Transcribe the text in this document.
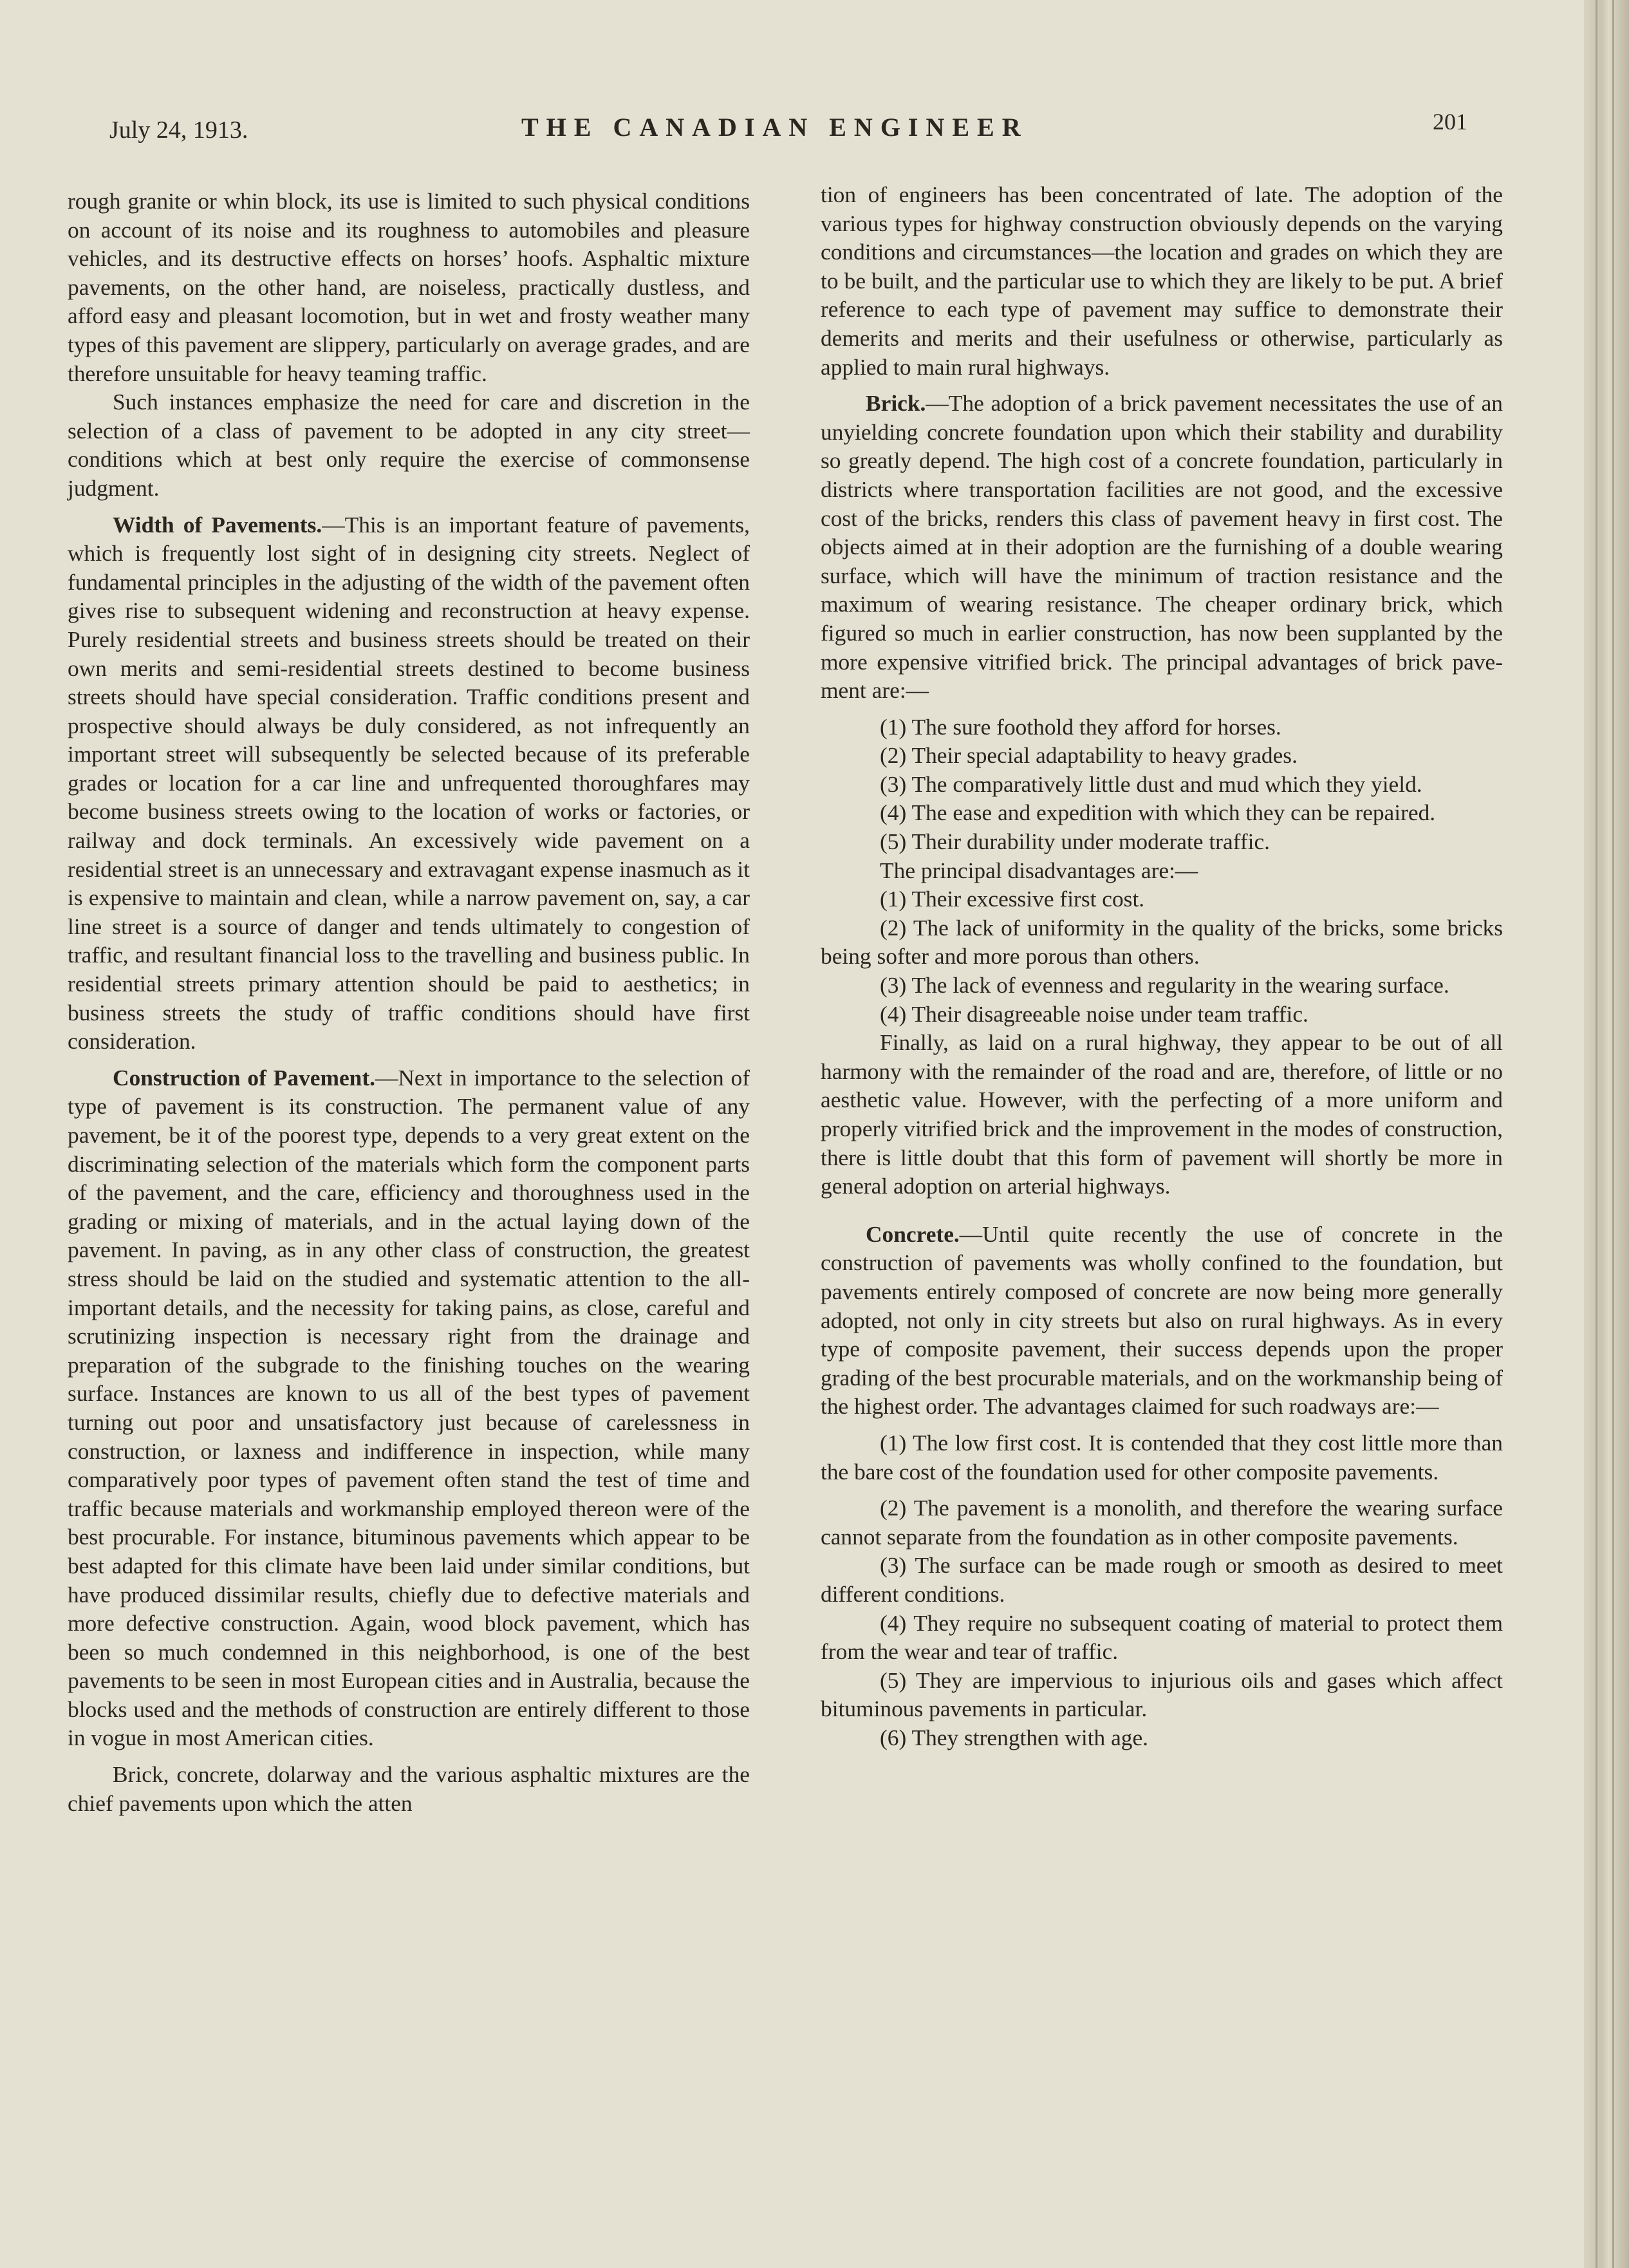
July 24, 1913.	THE CANADIAN ENGINEER	201

rough granite or whin block, its use is limited to such physical conditions on account of its noise and its roughness to automobiles and pleasure vehicles, and its destructive effects on horses’ hoofs. Asphaltic mixture pavements, on the other hand, are noiseless, practically dustless, and afford easy and pleasant locomotion, but in wet and frosty weather many types of this pavement are slippery, particularly on average grades, and are therefore unsuitable for heavy teaming traffic.

Such instances emphasize the need for care and discretion in the selection of a class of pavement to be adopted in any city street—conditions which at best only require the exercise of commonsense judgment.

Width of Pavements.—This is an important feature of pavements, which is frequently lost sight of in designing city streets. Neglect of fundamental principles in the adjusting of the width of the pavement often gives rise to subsequent widening and reconstruction at heavy expense. Purely residential streets and business streets should be treated on their own merits and semi-residential streets destined to become business streets should have special consideration. Traffic conditions present and prospective should always be duly considered, as not infrequently an important street will subsequently be selected because of its preferable grades or location for a car line and unfrequented thoroughfares may become business streets owing to the location of works or factories, or railway and dock terminals. An excessively wide pavement on a residential street is an unnecessary and extravagant expense inasmuch as it is expensive to maintain and clean, while a narrow pavement on, say, a car line street is a source of danger and tends ultimately to congestion of traffic, and resultant financial loss to the travelling and business public. In residential streets primary attention should be paid to aesthetics; in business streets the study of traffic conditions should have first consideration.

Construction of Pavement.—Next in importance to the selection of type of pavement is its construction. The permanent value of any pavement, be it of the poorest type, depends to a very great extent on the discriminating selection of the materials which form the component parts of the pavement, and the care, efficiency and thoroughness used in the grading or mixing of materials, and in the actual laying down of the pavement. In paving, as in any other class of construction, the greatest stress should be laid on the studied and systematic attention to the all-important details, and the necessity for taking pains, as close, careful and scrutinizing inspection is necessary right from the drainage and preparation of the subgrade to the finishing touches on the wearing surface. Instances are known to us all of the best types of pavement turning out poor and unsatisfactory just because of carelessness in construction, or laxness and indifference in inspection, while many comparatively poor types of pavement often stand the test of time and traffic because materials and workmanship employed thereon were of the best procurable. For instance, bituminous pavements which appear to be best adapted for this climate have been laid under similar conditions, but have produced dissimilar results, chiefly due to defective materials and more defective construction. Again, wood block pavement, which has been so much condemned in this neighborhood, is one of the best pavements to be seen in most European cities and in Australia, because the blocks used and the methods of construction are entirely different to those in vogue in most American cities.

Brick, concrete, dolarway and the various asphaltic mixtures are the chief pavements upon which the atten

tion of engineers has been concentrated of late. The adoption of the various types for highway construction obviously depends on the varying conditions and circumstances—the location and grades on which they are to be built, and the particular use to which they are likely to be put. A brief reference to each type of pavement may suffice to demonstrate their demerits and merits and their usefulness or otherwise, particularly as applied to main rural highways.

Brick.—The adoption of a brick pavement necessitates the use of an unyielding concrete foundation upon which their stability and durability so greatly depend. The high cost of a concrete foundation, particularly in districts where transportation facilities are not good, and the excessive cost of the bricks, renders this class of pavement heavy in first cost. The objects aimed at in their adoption are the furnishing of a double wearing surface, which will have the minimum of traction resistance and the maximum of wearing resistance. The cheaper ordinary brick, which figured so much in earlier construction, has now been supplanted by the more expensive vitrified brick. The principal advantages of brick pavement are:—

(1) The sure foothold they afford for horses.

(2) Their special adaptability to heavy grades.

(3) The comparatively little dust and mud which they yield.

(4) The ease and expedition with which they can be repaired.

(5) Their durability under moderate traffic.

The principal disadvantages are:—

(1) Their excessive first cost.

(2) The lack of uniformity in the quality of the bricks, some bricks being softer and more porous than others.

(3) The lack of evenness and regularity in the wearing surface.

(4) Their disagreeable noise under team traffic.

Finally, as laid on a rural highway, they appear to be out of all harmony with the remainder of the road and are, therefore, of little or no aesthetic value. However, with the perfecting of a more uniform and properly vitrified brick and the improvement in the modes of construction, there is little doubt that this form of pavement will shortly be more in general adoption on arterial highways.

Concrete.—Until quite recently the use of concrete in the construction of pavements was wholly confined to the foundation, but pavements entirely composed of concrete are now being more generally adopted, not only in city streets but also on rural highways. As in every type of composite pavement, their success depends upon the proper grading of the best procurable materials, and on the workmanship being of the highest order. The advantages claimed for such roadways are:—

(1) The low first cost. It is contended that they cost little more than the bare cost of the foundation used for other composite pavements.

(2) The pavement is a monolith, and therefore the wearing surface cannot separate from the foundation as in other composite pavements.

(3) The surface can be made rough or smooth as desired to meet different conditions.

(4) They require no subsequent coating of material to protect them from the wear and tear of traffic.

(5) They are impervious to injurious oils and gases which affect bituminous pavements in particular.

(6) They strengthen with age.
